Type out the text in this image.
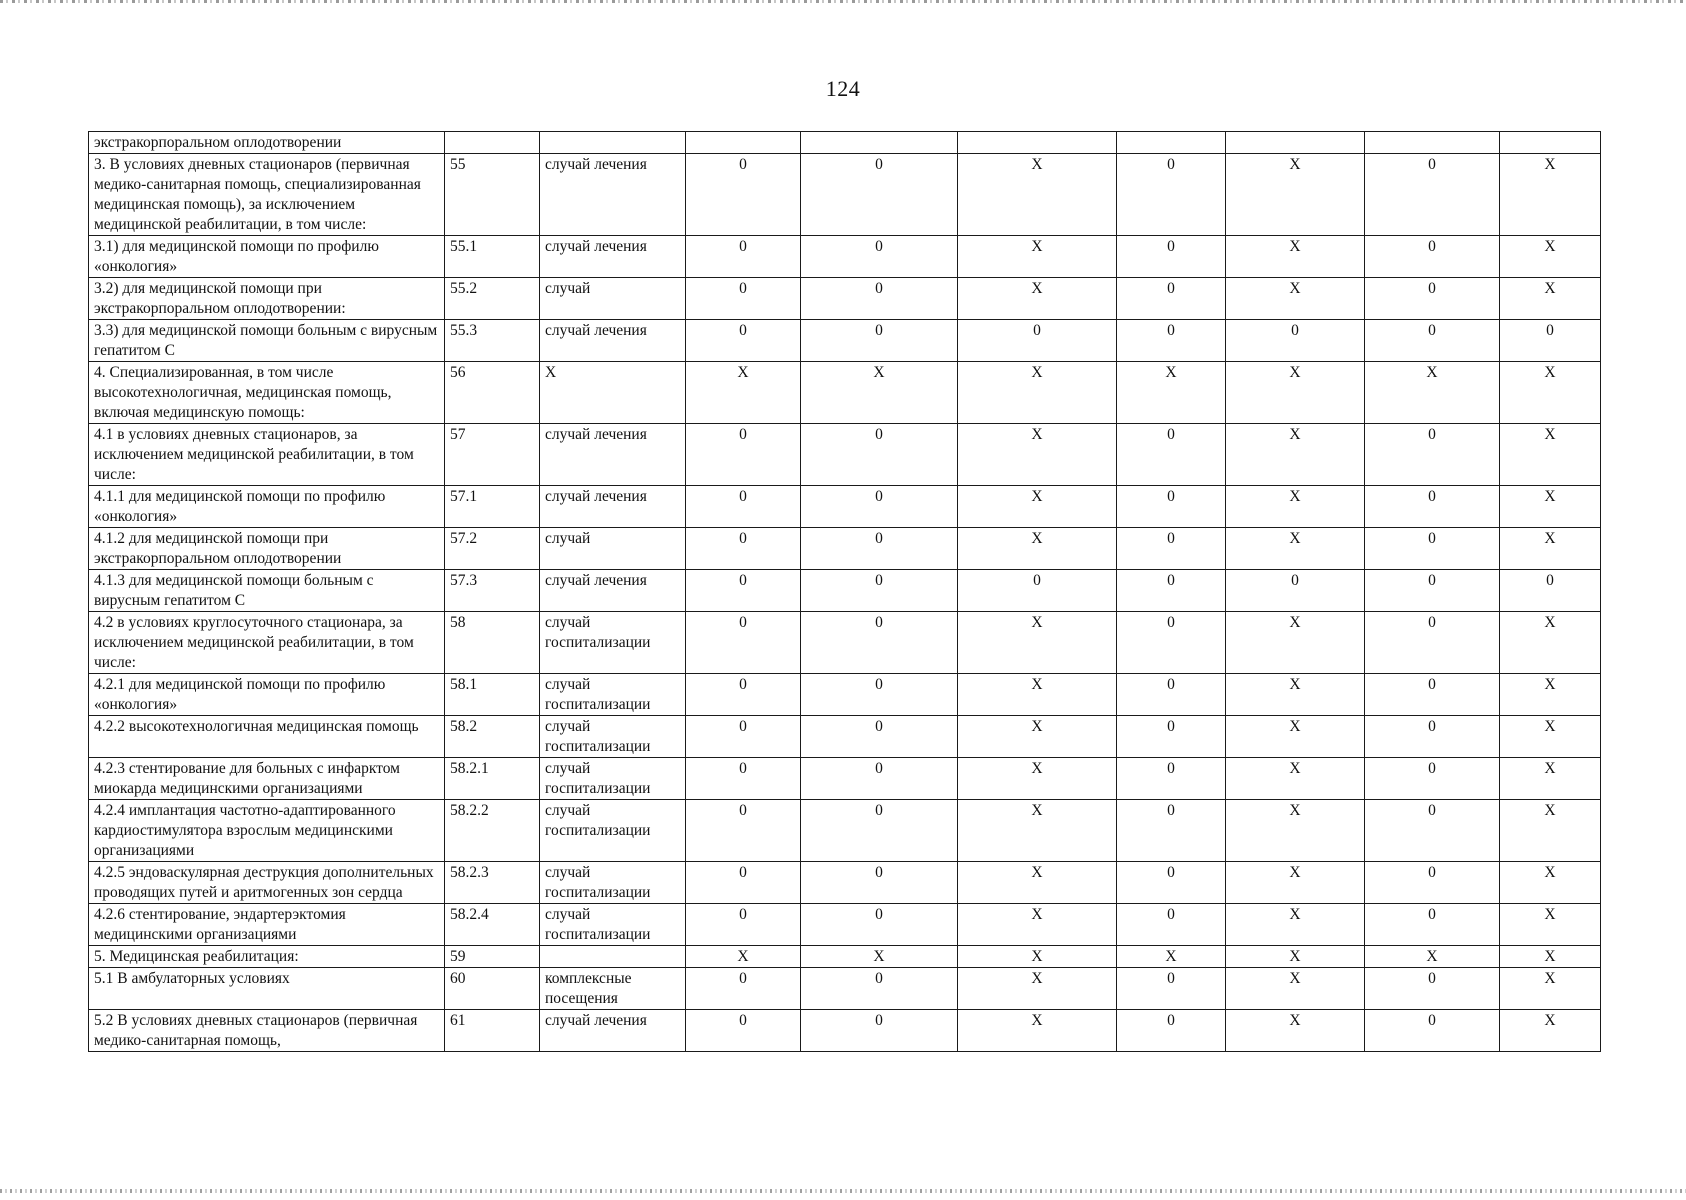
124
экстракорпоральном оплодотворении									
3. В условиях дневных стационаров (первичная медико-санитарная помощь, специализированная медицинская помощь), за исключением медицинской реабилитации, в том числе:	55	случай лечения	0	0	X	0	X	0	X
3.1) для медицинской помощи по профилю «онкология»	55.1	случай лечения	0	0	X	0	X	0	X
3.2) для медицинской помощи при экстракорпоральном оплодотворении:	55.2	случай	0	0	X	0	X	0	X
3.3) для медицинской помощи больным с вирусным гепатитом С	55.3	случай лечения	0	0	0	0	0	0	0
4. Специализированная, в том числе высокотехнологичная, медицинская помощь, включая медицинскую помощь:	56	X	X	X	X	X	X	X	X
4.1 в условиях дневных стационаров, за исключением медицинской реабилитации, в том числе:	57	случай лечения	0	0	X	0	X	0	X
4.1.1 для медицинской помощи по профилю «онкология»	57.1	случай лечения	0	0	X	0	X	0	X
4.1.2 для медицинской помощи при экстракорпоральном оплодотворении	57.2	случай	0	0	X	0	X	0	X
4.1.3 для медицинской помощи больным с вирусным гепатитом С	57.3	случай лечения	0	0	0	0	0	0	0
4.2 в условиях круглосуточного стационара, за исключением медицинской реабилитации, в том числе:	58	случай госпитализации	0	0	X	0	X	0	X
4.2.1 для медицинской помощи по профилю «онкология»	58.1	случай госпитализации	0	0	X	0	X	0	X
4.2.2 высокотехнологичная медицинская помощь	58.2	случай госпитализации	0	0	X	0	X	0	X
4.2.3 стентирование для больных с инфарктом миокарда медицинскими организациями	58.2.1	случай госпитализации	0	0	X	0	X	0	X
4.2.4 имплантация частотно-адаптированного кардиостимулятора взрослым медицинскими организациями	58.2.2	случай госпитализации	0	0	X	0	X	0	X
4.2.5 эндоваскулярная деструкция дополнительных проводящих путей и аритмогенных зон сердца	58.2.3	случай госпитализации	0	0	X	0	X	0	X
4.2.6 стентирование, эндартерэктомия медицинскими организациями	58.2.4	случай госпитализации	0	0	X	0	X	0	X
5. Медицинская реабилитация:	59		X	X	X	X	X	X	X
5.1 В амбулаторных условиях	60	комплексные посещения	0	0	X	0	X	0	X
5.2 В условиях дневных стационаров (первичная медико-санитарная помощь,	61	случай лечения	0	0	X	0	X	0	X
